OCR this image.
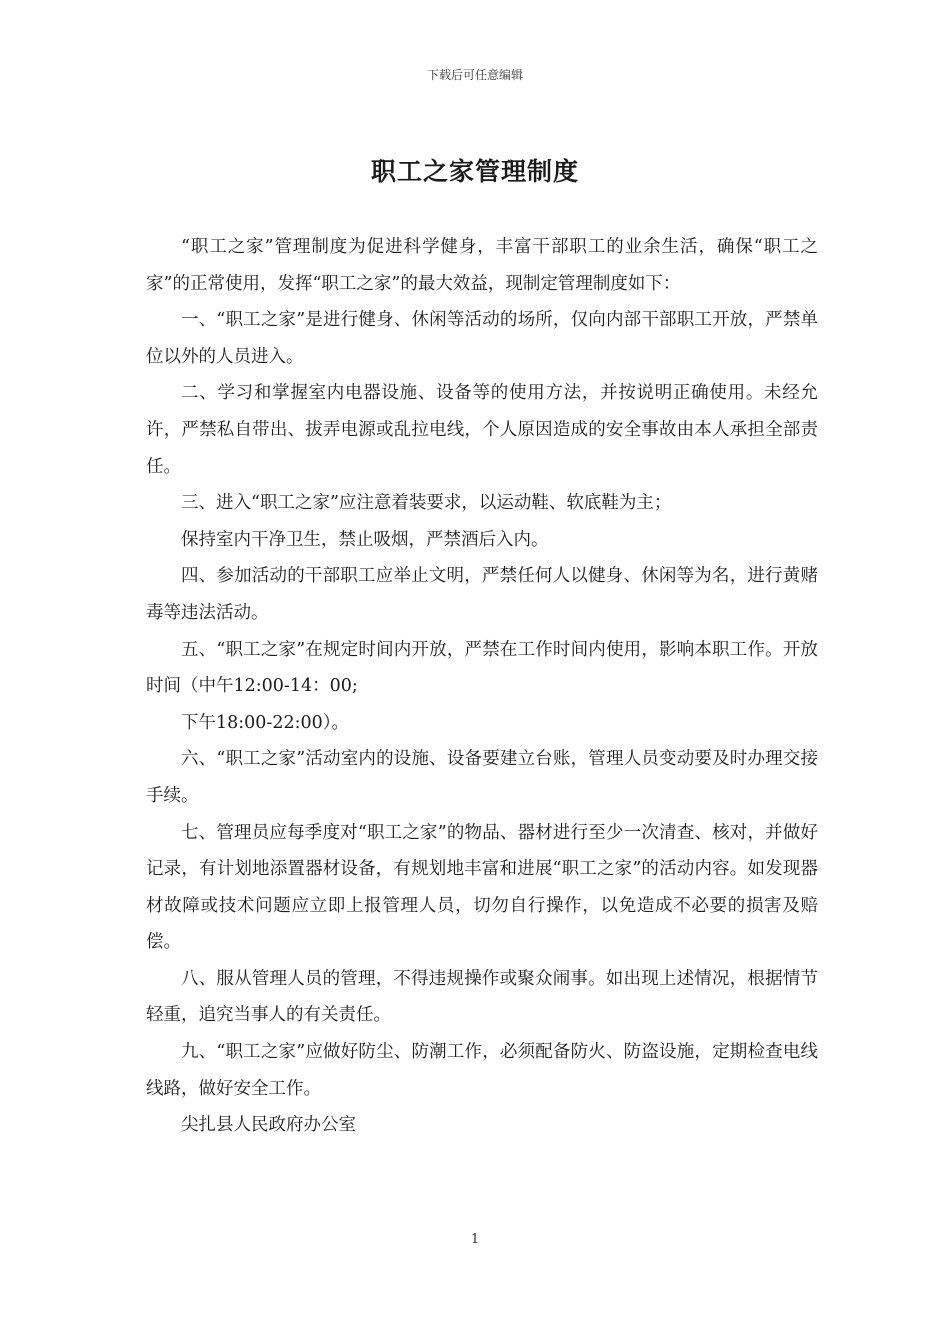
下载后可任意编辑
职工之家管理制度

“职工之家”管理制度为促进科学健身，丰富干部职工的业余生活，确保“职工之家”的正常使用，发挥“职工之家”的最大效益，现制定管理制度如下：

一、“职工之家”是进行健身、休闲等活动的场所，仅向内部干部职工开放，严禁单位以外的人员进入。

二、学习和掌握室内电器设施、设备等的使用方法，并按说明正确使用。未经允许，严禁私自带出、拔弄电源或乱拉电线，个人原因造成的安全事故由本人承担全部责任。

三、进入“职工之家”应注意着装要求，以运动鞋、软底鞋为主；

保持室内干净卫生，禁止吸烟，严禁酒后入内。

四、参加活动的干部职工应举止文明，严禁任何人以健身、休闲等为名，进行黄赌毒等违法活动。

五、“职工之家”在规定时间内开放，严禁在工作时间内使用，影响本职工作。开放时间（中午12:00-14：00;

下午18:00-22:00）。

六、“职工之家”活动室内的设施、设备要建立台账，管理人员变动要及时办理交接手续。

七、管理员应每季度对“职工之家”的物品、器材进行至少一次清查、核对，并做好记录，有计划地添置器材设备，有规划地丰富和进展“职工之家”的活动内容。如发现器材故障或技术问题应立即上报管理人员，切勿自行操作，以免造成不必要的损害及赔偿。

八、服从管理人员的管理，不得违规操作或聚众闹事。如出现上述情况，根据情节轻重，追究当事人的有关责任。

九、“职工之家”应做好防尘、防潮工作，必须配备防火、防盗设施，定期检查电线线路，做好安全工作。

尖扎县人民政府办公室

1
